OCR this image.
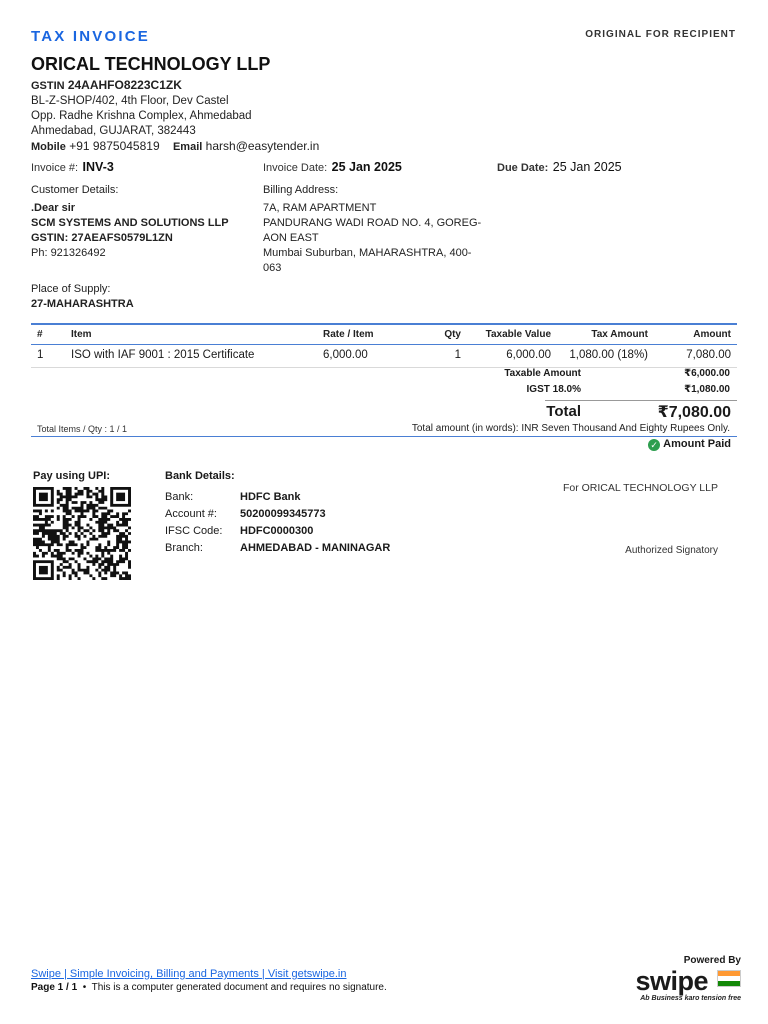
TAX INVOICE	ORIGINAL FOR RECIPIENT
ORICAL TECHNOLOGY LLP
GSTIN 24AAHFO8223C1ZK
BL-Z-SHOP/402, 4th Floor, Dev Castel
Opp. Radhe Krishna Complex, Ahmedabad
Ahmedabad, GUJARAT, 382443
Mobile +91 9875045819 Email harsh@easytender.in
Invoice #: INV-3	Invoice Date: 25 Jan 2025	Due Date: 25 Jan 2025
Customer Details:
.Dear sir
SCM SYSTEMS AND SOLUTIONS LLP
GSTIN: 27AEAFS0579L1ZN
Ph: 921326492
Billing Address:
7A, RAM APARTMENT
PANDURANG WADI ROAD NO. 4, GOREG-
AON EAST
Mumbai Suburban, MAHARASHTRA, 400-
063
Place of Supply:
27-MAHARASHTRA
#	Item	Rate / Item	Qty	Taxable Value	Tax Amount	Amount
1	ISO with IAF 9001 : 2015 Certificate	6,000.00	1	6,000.00	1,080.00 (18%)	7,080.00
Taxable Amount	₹6,000.00
IGST 18.0%	₹1,080.00
Total	₹7,080.00
Total Items / Qty : 1 / 1	Total amount (in words): INR Seven Thousand And Eighty Rupees Only.
✓ Amount Paid
Pay using UPI:	Bank Details:
Bank:	HDFC Bank
Account #: 50200099345773
IFSC Code: HDFC0000300
Branch:	AHMEDABAD - MANINAGAR
For ORICAL TECHNOLOGY LLP
Authorized Signatory
Swipe | Simple Invoicing, Billing and Payments | Visit getswipe.in
Page 1 / 1  •  This is a computer generated document and requires no signature.
Powered By
swipe
Ab Business karo tension free
